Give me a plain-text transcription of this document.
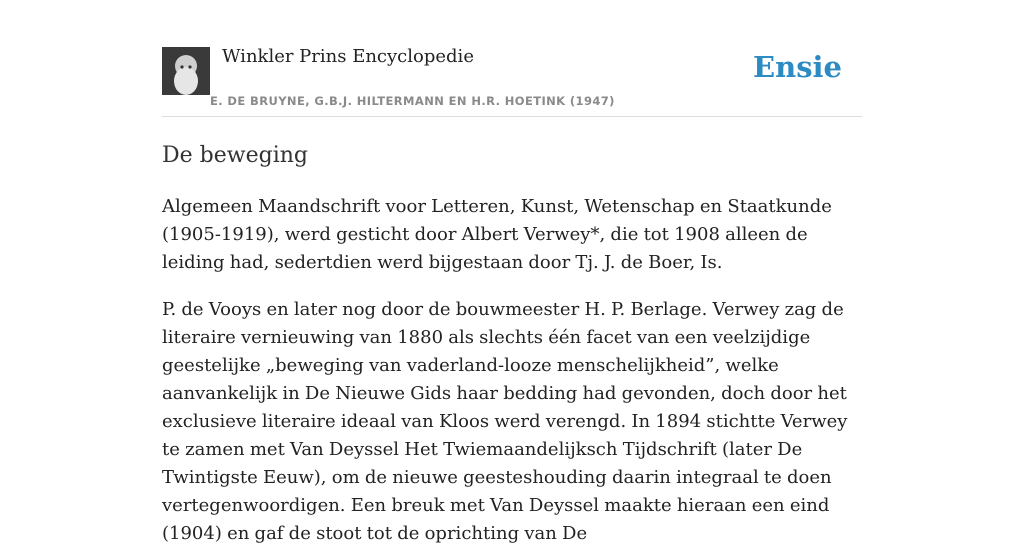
Winkler Prins Encyclopedie
E. DE BRUYNE, G.B.J. HILTERMANN EN H.R. HOETINK (1947)
Ensie
De beweging

Algemeen Maandschrift voor Letteren, Kunst, Wetenschap en Staatkunde (1905-1919), werd gesticht door Albert Verwey*, die tot 1908 alleen de leiding had, sedertdien werd bijgestaan door Tj. J. de Boer, Is.

P. de Vooys en later nog door de bouwmeester H. P. Berlage. Verwey zag de literaire vernieuwing van 1880 als slechts één facet van een veelzijdige geestelijke „beweging van vaderland-looze menschelijkheid”, welke aanvankelijk in De Nieuwe Gids haar bedding had gevonden, doch door het exclusieve literaire ideaal van Kloos werd verengd. In 1894 stichtte Verwey te zamen met Van Deyssel Het Twiemaandelijksch Tijdschrift (later De Twintigste Eeuw), om de nieuwe geesteshouding daarin integraal te doen vertegenwoordigen. Een breuk met Van Deyssel maakte hieraan een eind (1904) en gaf de stoot tot de oprichting van De
